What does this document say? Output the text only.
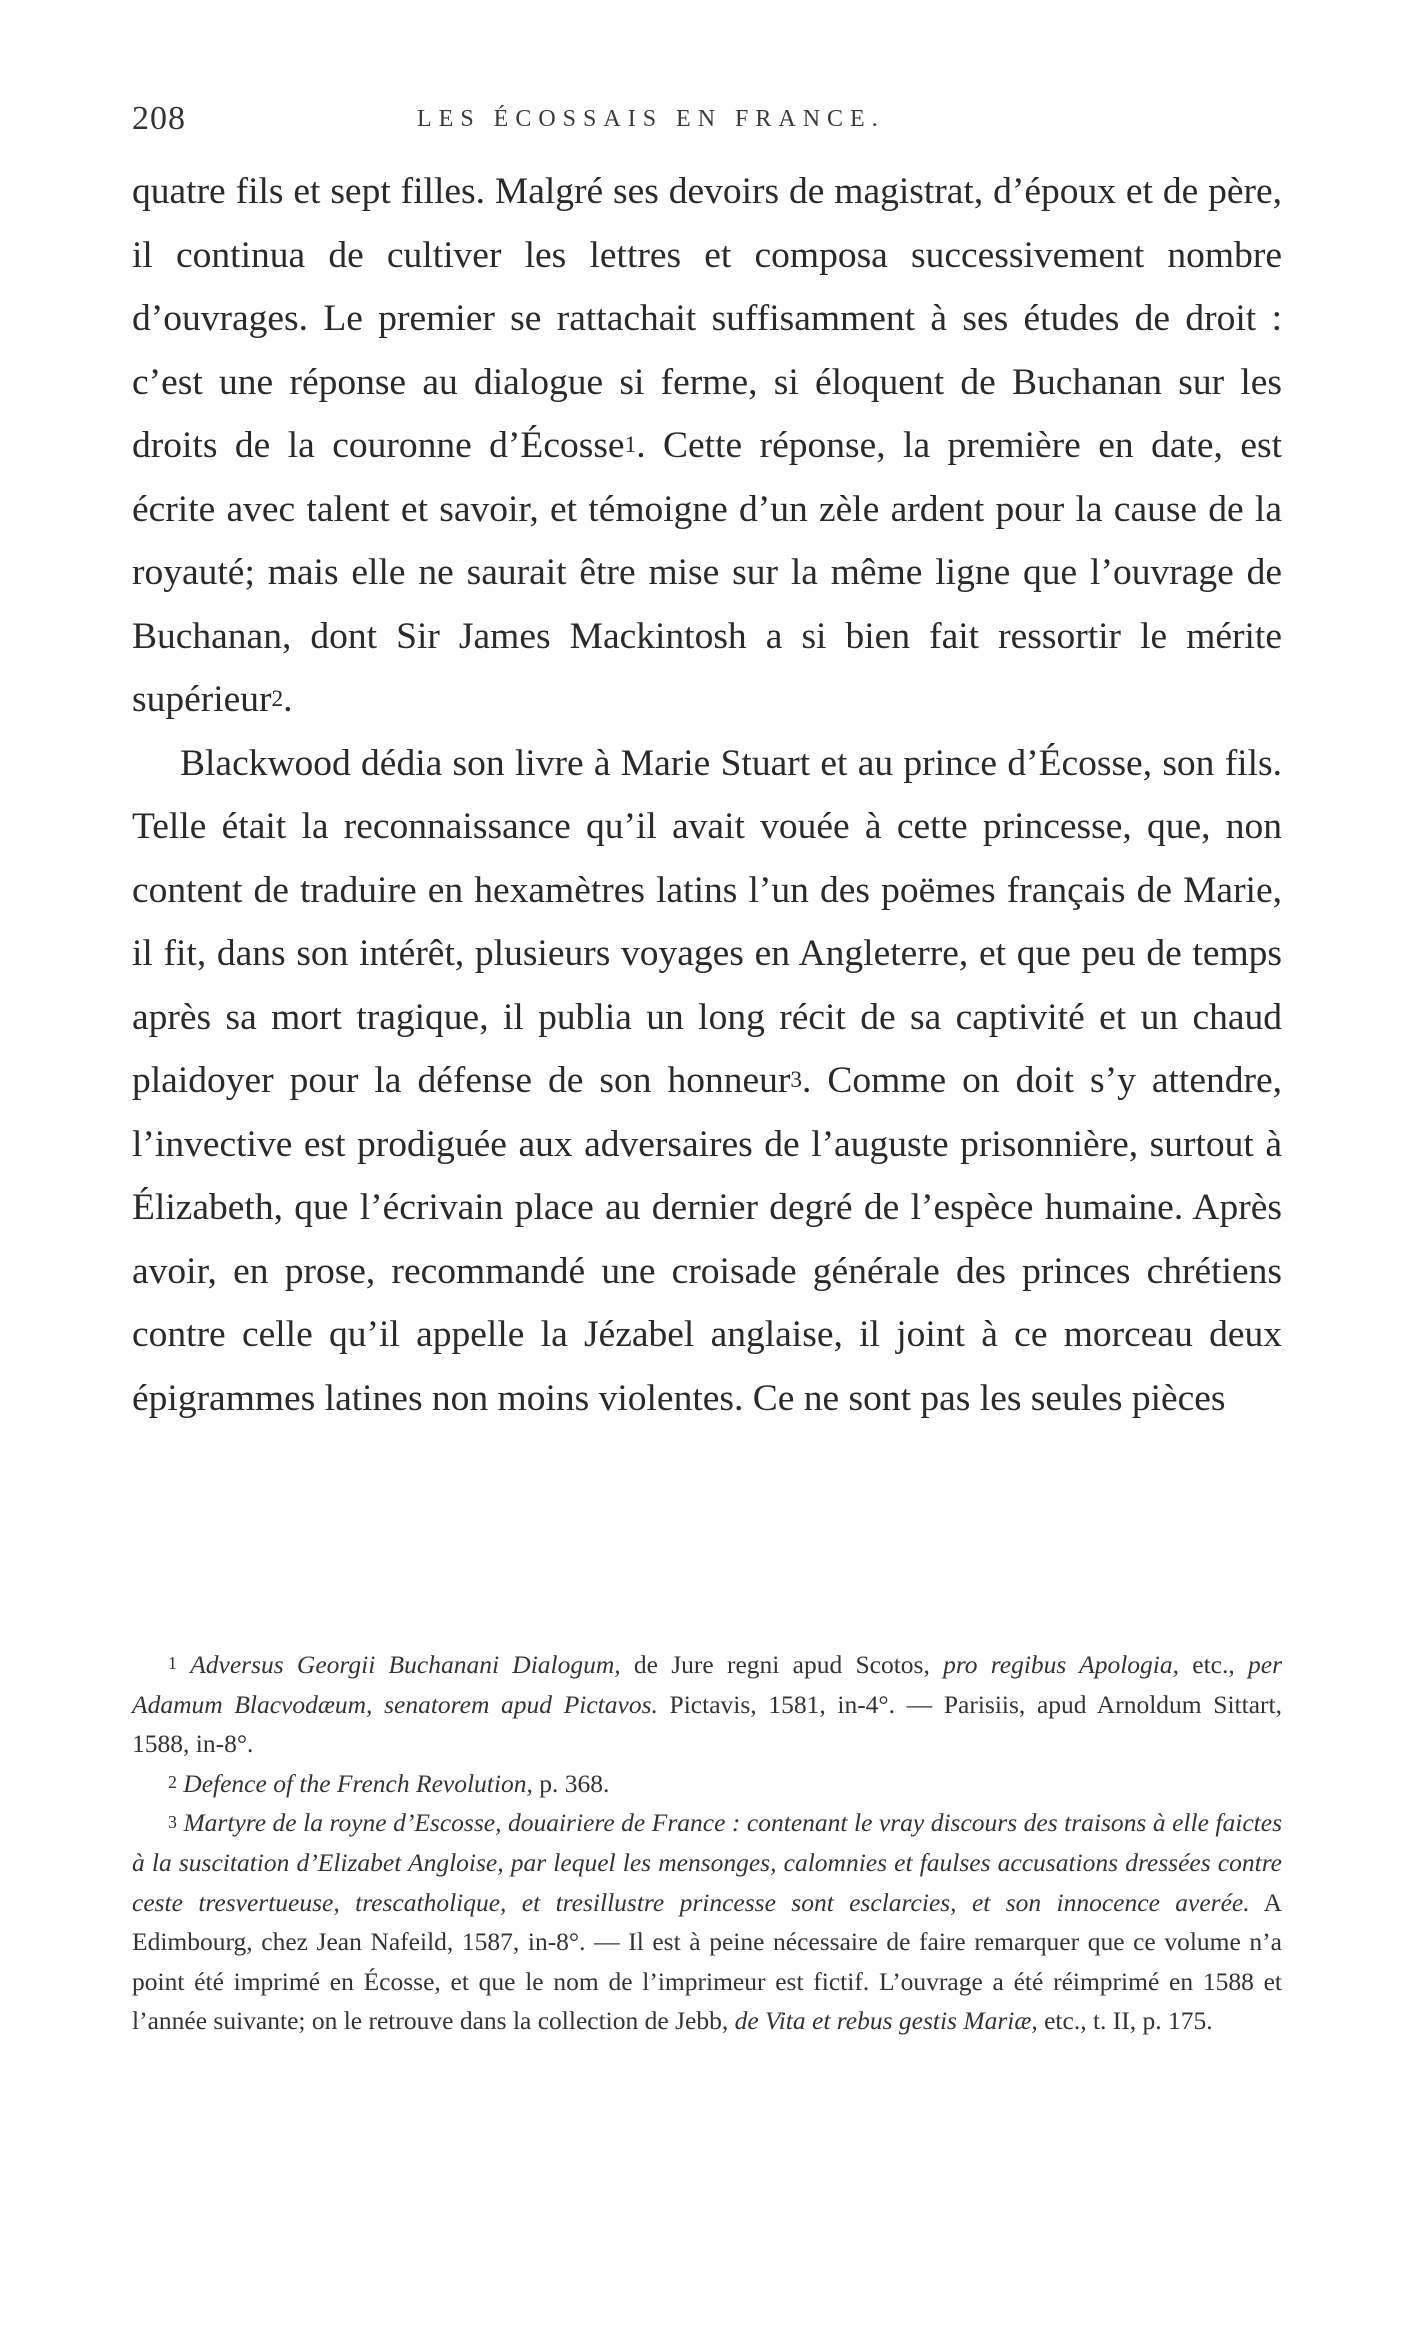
208	LES ÉCOSSAIS EN FRANCE.

quatre fils et sept filles. Malgré ses devoirs de magistrat, d’époux et de père, il continua de cultiver les lettres et composa successivement nombre d’ouvrages. Le premier se rattachait suffisamment à ses études de droit : c’est une réponse au dialogue si ferme, si éloquent de Buchanan sur les droits de la couronne d’Écosse$^1$. Cette réponse, la première en date, est écrite avec talent et savoir, et témoigne d’un zèle ardent pour la cause de la royauté; mais elle ne saurait être mise sur la même ligne que l’ouvrage de Buchanan, dont Sir James Mackintosh a si bien fait ressortir le mérite supérieur$^2$.

Blackwood dédia son livre à Marie Stuart et au prince d’Écosse, son fils. Telle était la reconnaissance qu’il avait vouée à cette princesse, que, non content de traduire en hexamètres latins l’un des poëmes français de Marie, il fit, dans son intérêt, plusieurs voyages en Angleterre, et que peu de temps après sa mort tragique, il publia un long récit de sa captivité et un chaud plaidoyer pour la défense de son honneur$^3$. Comme on doit s’y attendre, l’invective est prodiguée aux adversaires de l’auguste prisonnière, surtout à Élizabeth, que l’écrivain place au dernier degré de l’espèce humaine. Après avoir, en prose, recommandé une croisade générale des princes chrétiens contre celle qu’il appelle la Jézabel anglaise, il joint à ce morceau deux épigrammes latines non moins violentes. Ce ne sont pas les seules pièces

$^1$ Adversus Georgii Buchanani Dialogum, de Jure regni apud Scotos, pro regibus Apologia, etc., per Adamum Blacvodæum, senatorem apud Pictavos. Pictavis, 1581, in-4°. — Parisiis, apud Arnoldum Sittart, 1588, in-8°.

$^2$ Defence of the French Revolution, p. 368.

$^3$ Martyre de la royne d’Escosse, douairiere de France : contenant le vray discours des traisons à elle faictes à la suscitation d’Elizabet Angloise, par lequel les mensonges, calomnies et faulses accusations dressées contre ceste tresvertueuse, trescatholique, et tresillustre princesse sont esclarcies, et son innocence averée. A Edimbourg, chez Jean Nafeild, 1587, in-8°. — Il est à peine nécessaire de faire remarquer que ce volume n’a point été imprimé en Écosse, et que le nom de l’imprimeur est fictif. L’ouvrage a été réimprimé en 1588 et l’année suivante; on le retrouve dans la collection de Jebb, de Vita et rebus gestis Mariæ, etc., t. II, p. 175.
